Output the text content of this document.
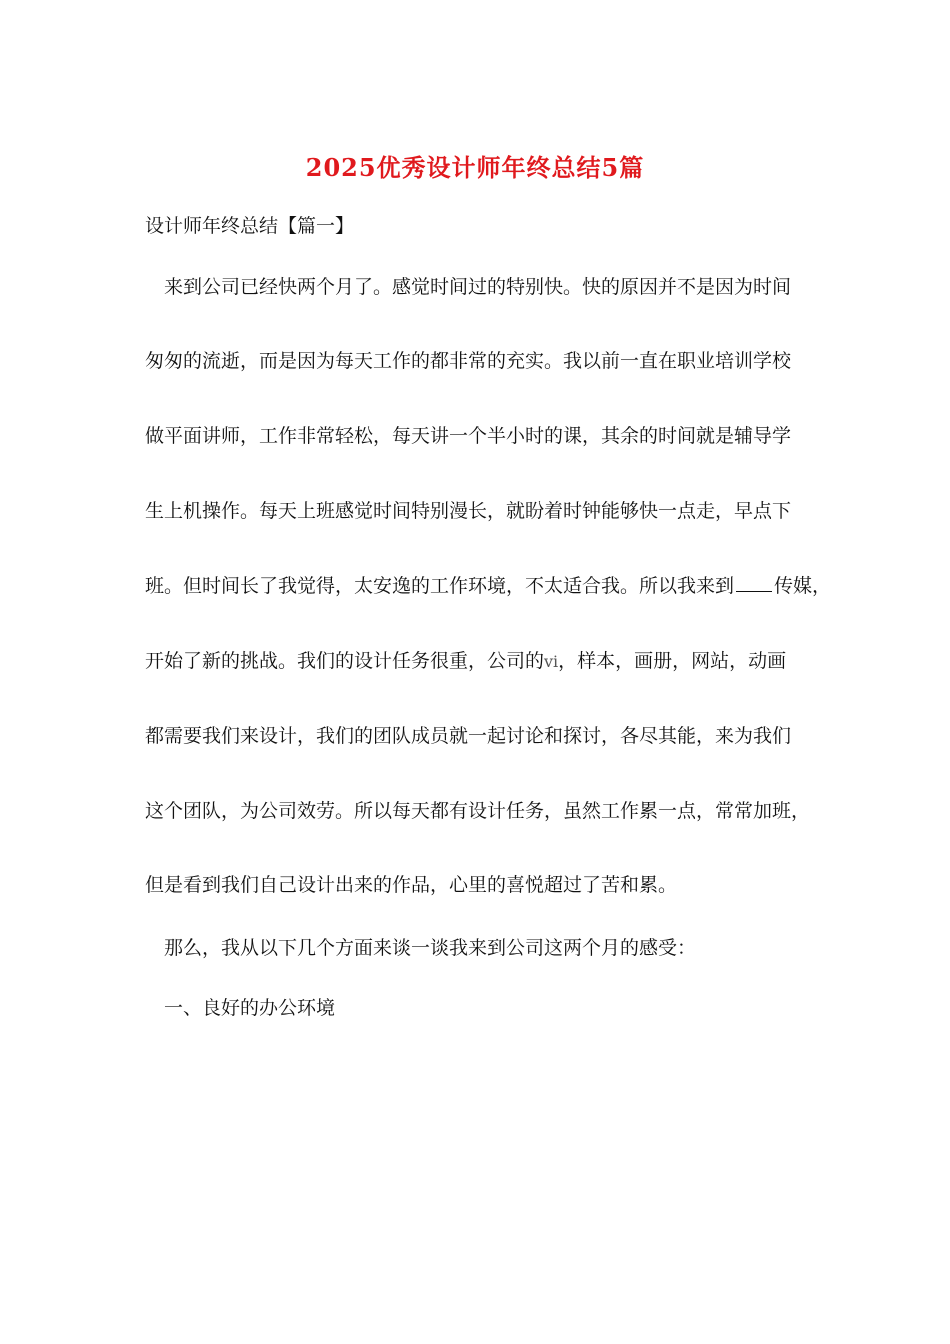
2025优秀设计师年终总结5篇
设计师年终总结【篇一】
来到公司已经快两个月了。感觉时间过的特别快。快的原因并不是因为时间
匆匆的流逝，而是因为每天工作的都非常的充实。我以前一直在职业培训学校
做平面讲师，工作非常轻松，每天讲一个半小时的课，其余的时间就是辅导学
生上机操作。每天上班感觉时间特别漫长，就盼着时钟能够快一点走，早点下
班。但时间长了我觉得，太安逸的工作环境，不太适合我。所以我来到 传媒，
开始了新的挑战。我们的设计任务很重，公司的vi，样本，画册，网站，动画
都需要我们来设计，我们的团队成员就一起讨论和探讨，各尽其能，来为我们
这个团队，为公司效劳。所以每天都有设计任务，虽然工作累一点，常常加班，
但是看到我们自己设计出来的作品，心里的喜悦超过了苦和累。
那么，我从以下几个方面来谈一谈我来到公司这两个月的感受：
一、良好的办公环境
